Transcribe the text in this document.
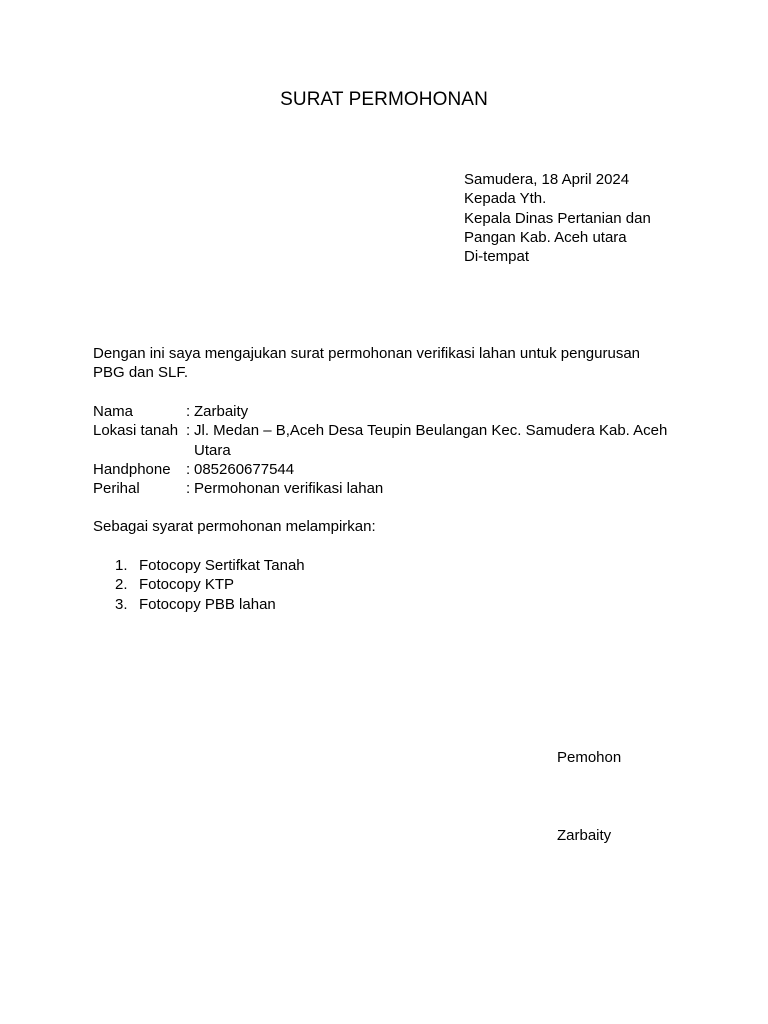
SURAT PERMOHONAN
Samudera, 18 April 2024
Kepada Yth.
Kepala Dinas Pertanian dan
Pangan Kab. Aceh utara
Di-tempat
Dengan ini saya mengajukan surat permohonan verifikasi lahan untuk pengurusan PBG dan SLF.
Nama	: Zarbaity
Lokasi tanah : Jl. Medan – B,Aceh Desa Teupin Beulangan Kec. Samudera Kab. Aceh Utara
Handphone	: 085260677544
Perihal	: Permohonan verifikasi lahan
Sebagai syarat permohonan melampirkan:
1. Fotocopy Sertifkat Tanah
2. Fotocopy KTP
3. Fotocopy PBB lahan
Pemohon
Zarbaity
